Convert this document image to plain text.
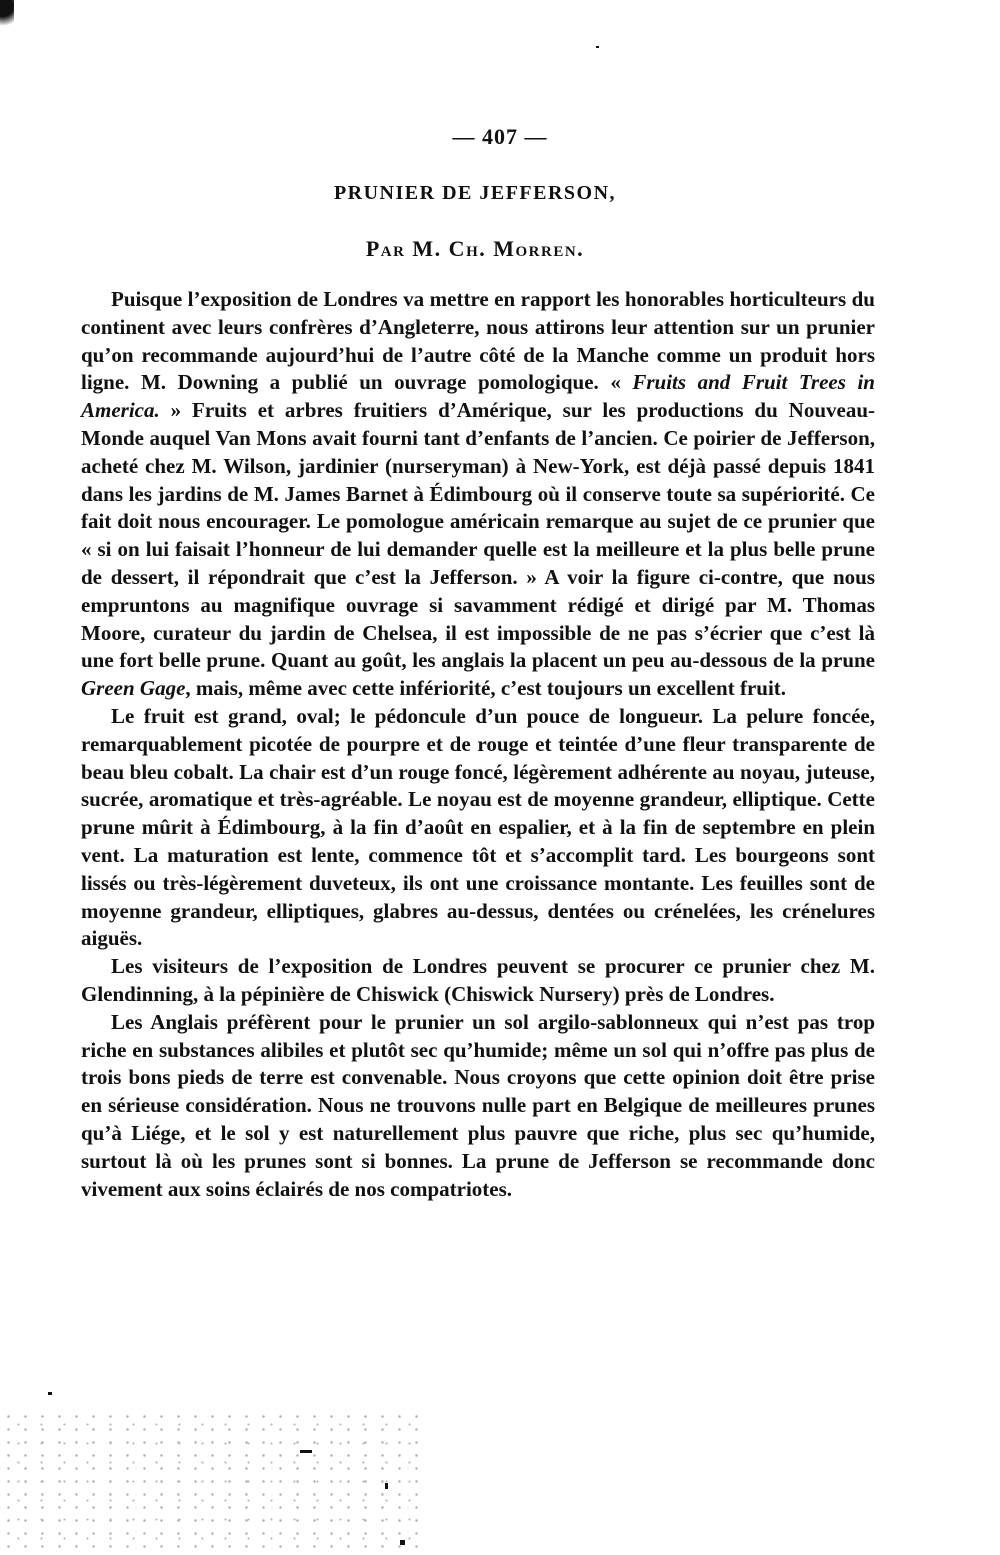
— 407 —
PRUNIER DE JEFFERSON,
Par M. Ch. Morren.

Puisque l’exposition de Londres va mettre en rapport les honorables horticulteurs du continent avec leurs confrères d’Angleterre, nous attirons leur attention sur un prunier qu’on recommande aujourd’hui de l’autre côté de la Manche comme un produit hors ligne. M. Downing a publié un ouvrage pomologique. « Fruits and Fruit Trees in America. » Fruits et arbres fruitiers d’Amérique, sur les productions du Nouveau-Monde auquel Van Mons avait fourni tant d’enfants de l’ancien. Ce poirier de Jefferson, acheté chez M. Wilson, jardinier (nurseryman) à New-York, est déjà passé depuis 1841 dans les jardins de M. James Barnet à Édimbourg où il conserve toute sa supériorité. Ce fait doit nous encourager. Le pomologue américain remarque au sujet de ce prunier que « si on lui faisait l’honneur de lui demander quelle est la meilleure et la plus belle prune de dessert, il répondrait que c’est la Jefferson. » A voir la figure ci-contre, que nous empruntons au magnifique ouvrage si savamment rédigé et dirigé par M. Thomas Moore, curateur du jardin de Chelsea, il est impossible de ne pas s’écrier que c’est là une fort belle prune. Quant au goût, les anglais la placent un peu au-dessous de la prune Green Gage, mais, même avec cette infériorité, c’est toujours un excellent fruit.

Le fruit est grand, oval; le pédoncule d’un pouce de longueur. La pelure foncée, remarquablement picotée de pourpre et de rouge et teintée d’une fleur transparente de beau bleu cobalt. La chair est d’un rouge foncé, légèrement adhérente au noyau, juteuse, sucrée, aromatique et très-agréable. Le noyau est de moyenne grandeur, elliptique. Cette prune mûrit à Édimbourg, à la fin d’août en espalier, et à la fin de septembre en plein vent. La maturation est lente, commence tôt et s’accomplit tard. Les bourgeons sont lissés ou très-légèrement duveteux, ils ont une croissance montante. Les feuilles sont de moyenne grandeur, elliptiques, glabres au-dessus, dentées ou crénelées, les crénelures aiguës.

Les visiteurs de l’exposition de Londres peuvent se procurer ce prunier chez M. Glendinning, à la pépinière de Chiswick (Chiswick Nursery) près de Londres.

Les Anglais préfèrent pour le prunier un sol argilo-sablonneux qui n’est pas trop riche en substances alibiles et plutôt sec qu’humide; même un sol qui n’offre pas plus de trois bons pieds de terre est convenable. Nous croyons que cette opinion doit être prise en sérieuse considération. Nous ne trouvons nulle part en Belgique de meilleures prunes qu’à Liége, et le sol y est naturellement plus pauvre que riche, plus sec qu’humide, surtout là où les prunes sont si bonnes. La prune de Jefferson se recommande donc vivement aux soins éclairés de nos compatriotes.
